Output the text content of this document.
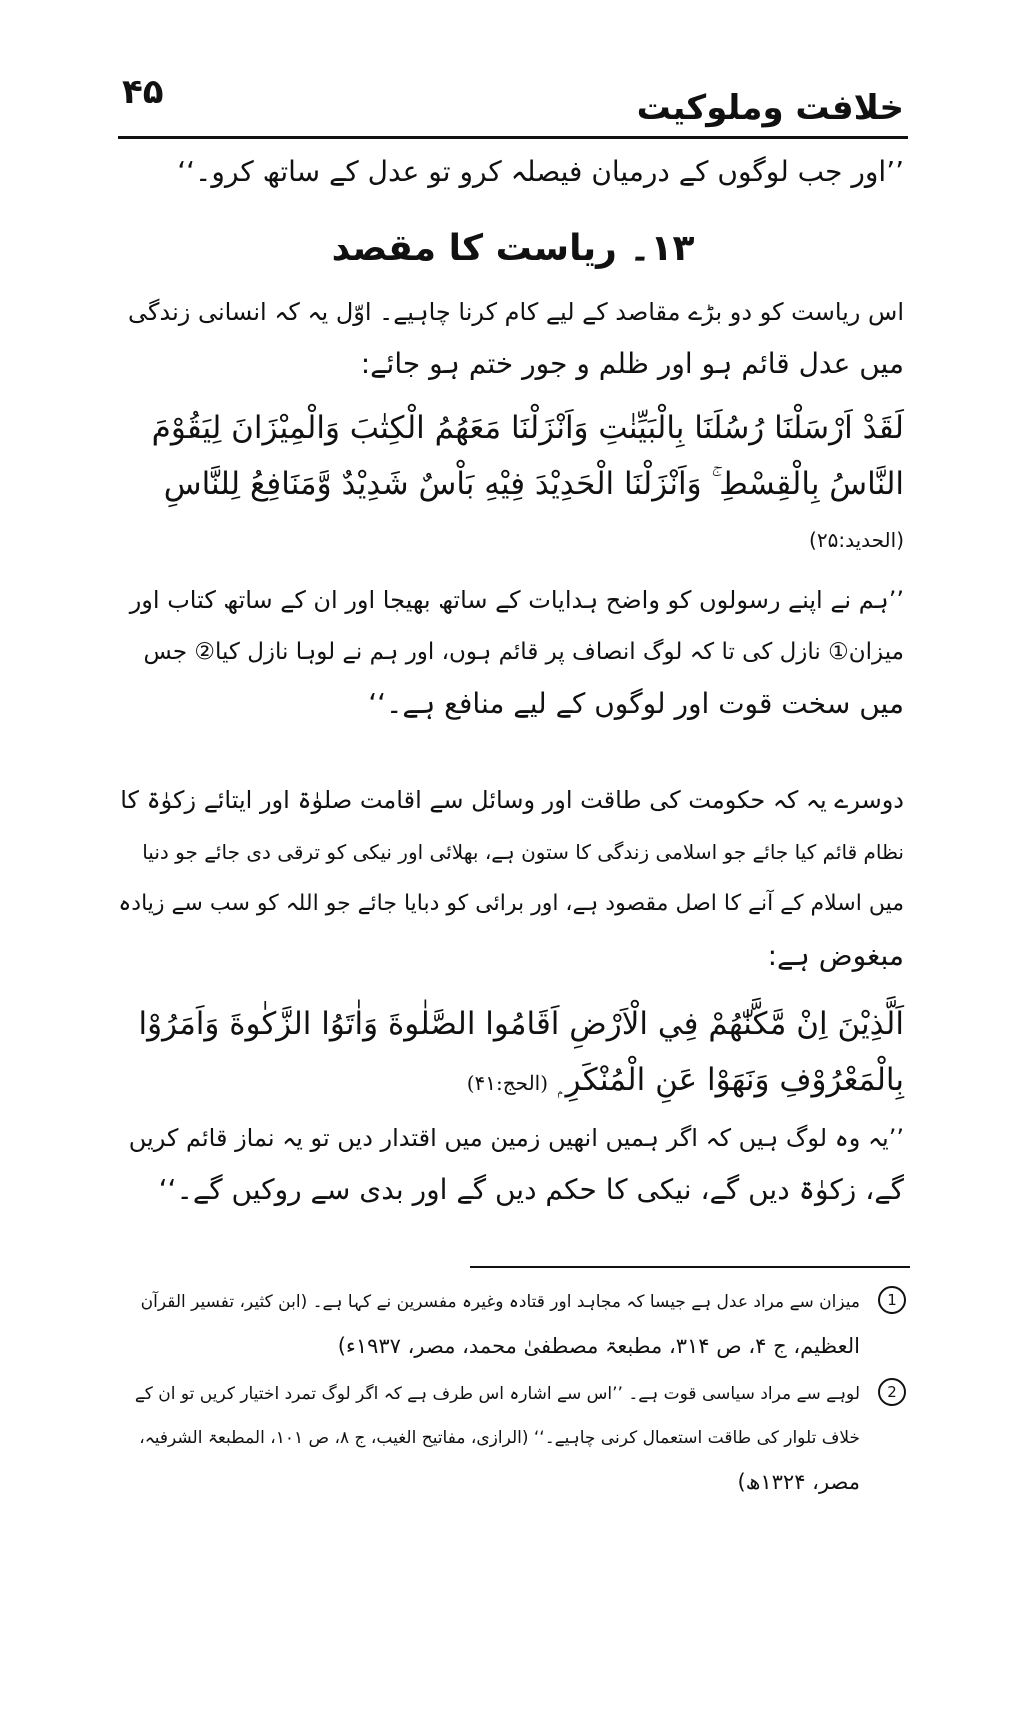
۴۵	خلافت وملوکیت
’’اور جب لوگوں کے درمیان فیصلہ کرو تو عدل کے ساتھ کرو۔‘‘
۱۳۔ ریاست کا مقصد
اس ریاست کو دو بڑے مقاصد کے لیے کام کرنا چاہیے۔ اوّل یہ کہ انسانی زندگی
میں عدل قائم ہو اور ظلم و جور ختم ہو جائے:
لَقَدْ اَرْسَلْنَا رُسُلَنَا بِالْبَيِّنٰتِ وَاَنْزَلْنَا مَعَهُمُ الْكِتٰبَ وَالْمِيْزَانَ لِيَقُوْمَ
النَّاسُ بِالْقِسْطِ ۚ وَاَنْزَلْنَا الْحَدِيْدَ فِيْهِ بَاْسٌ شَدِيْدٌ وَّمَنَافِعُ لِلنَّاسِ
(الحدید:۲۵)
’’ہم نے اپنے رسولوں کو واضح ہدایات کے ساتھ بھیجا اور ان کے ساتھ کتاب اور
میزان① نازل کی تا کہ لوگ انصاف پر قائم ہوں، اور ہم نے لوہا نازل کیا② جس
میں سخت قوت اور لوگوں کے لیے منافع ہے۔‘‘
دوسرے یہ کہ حکومت کی طاقت اور وسائل سے اقامت صلوٰۃ اور ایتائے زکوٰۃ کا
نظام قائم کیا جائے جو اسلامی زندگی کا ستون ہے، بھلائی اور نیکی کو ترقی دی جائے جو دنیا
میں اسلام کے آنے کا اصل مقصود ہے، اور برائی کو دبایا جائے جو اللہ کو سب سے زیادہ
مبغوض ہے:
اَلَّذِيْنَ اِنْ مَّكَّنّٰهُمْ فِي الْاَرْضِ اَقَامُوا الصَّلٰوةَ وَاٰتَوُا الزَّكٰوةَ وَاَمَرُوْا
بِالْمَعْرُوْفِ وَنَهَوْا عَنِ الْمُنْكَرِ ۭ (الحج:۴۱)
’’یہ وہ لوگ ہیں کہ اگر ہمیں انھیں زمین میں اقتدار دیں تو یہ نماز قائم کریں
گے، زکوٰۃ دیں گے، نیکی کا حکم دیں گے اور بدی سے روکیں گے۔‘‘
1
میزان سے مراد عدل ہے جیسا کہ مجاہد اور قتادہ وغیرہ مفسرین نے کہا ہے۔ (ابن کثیر، تفسیر القرآن
العظیم، ج ۴، ص ۳۱۴، مطبعۃ مصطفیٰ محمد، مصر، ۱۹۳۷ء)
2
لوہے سے مراد سیاسی قوت ہے۔ ’’اس سے اشارہ اس طرف ہے کہ اگر لوگ تمرد اختیار کریں تو ان کے
خلاف تلوار کی طاقت استعمال کرنی چاہیے۔‘‘ (الرازی، مفاتیح الغیب، ج ۸، ص ۱۰۱، المطبعۃ الشرفیہ،
مصر، ۱۳۲۴ھ)
